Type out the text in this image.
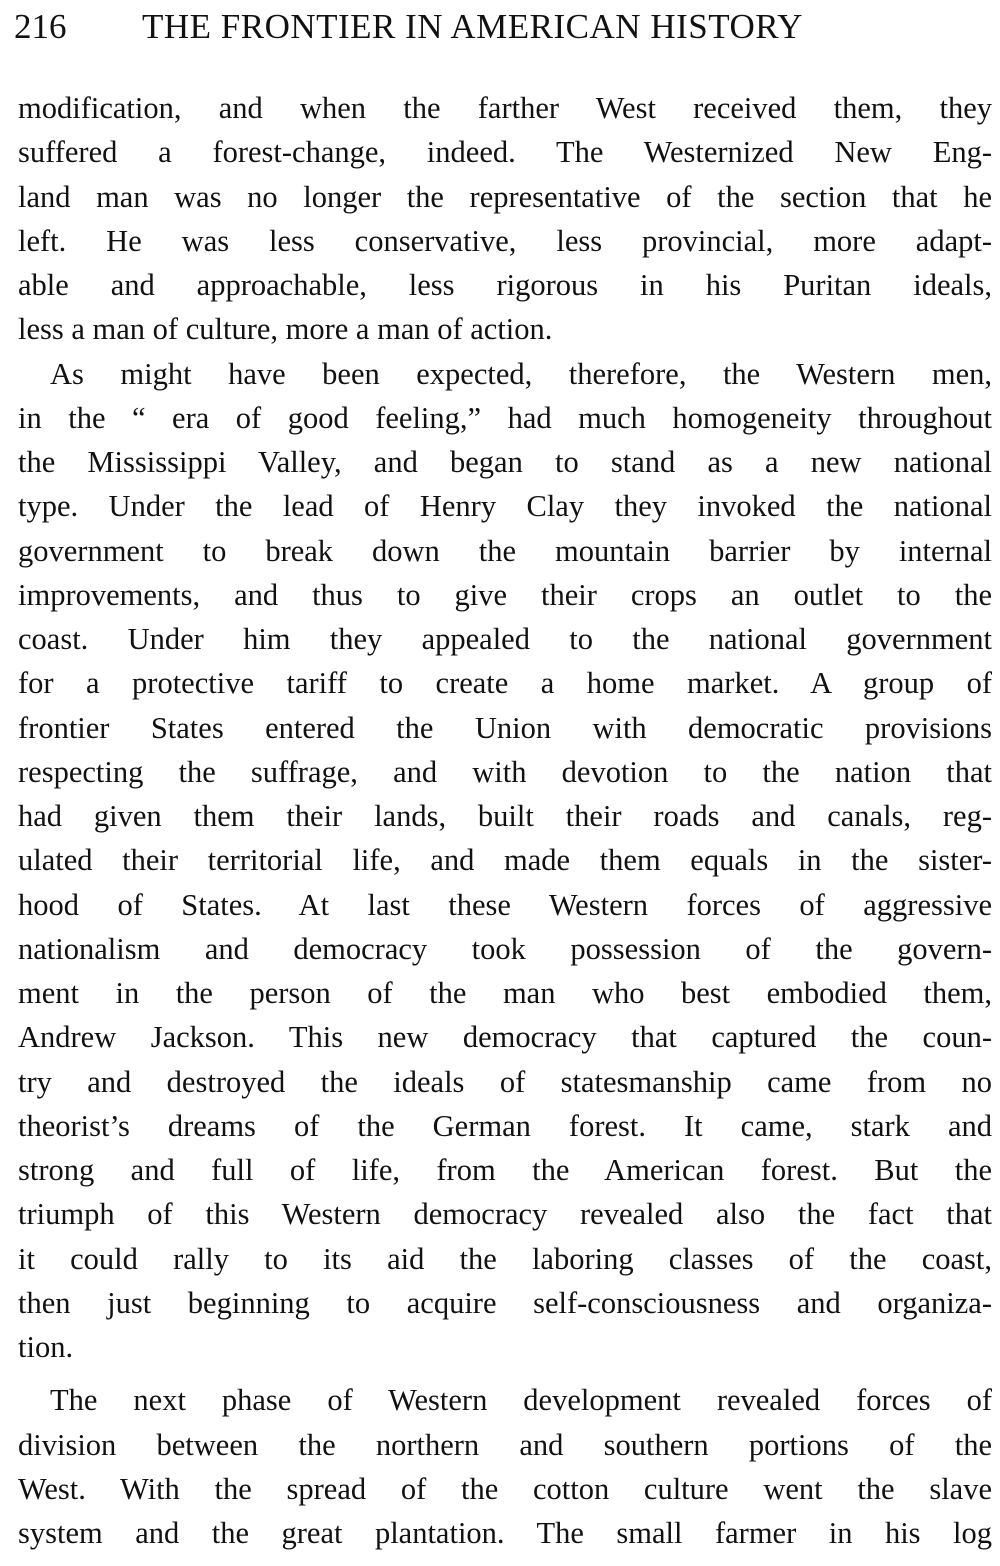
216 THE FRONTIER IN AMERICAN HISTORY
modification, and when the farther West received them, they
suffered a forest-change, indeed. The Westernized New Eng-
land man was no longer the representative of the section that he
left. He was less conservative, less provincial, more adapt-
able and approachable, less rigorous in his Puritan ideals,
less a man of culture, more a man of action.
As might have been expected, therefore, the Western men,
in the “ era of good feeling,” had much homogeneity throughout
the Mississippi Valley, and began to stand as a new national
type. Under the lead of Henry Clay they invoked the national
government to break down the mountain barrier by internal
improvements, and thus to give their crops an outlet to the
coast. Under him they appealed to the national government
for a protective tariff to create a home market. A group of
frontier States entered the Union with democratic provisions
respecting the suffrage, and with devotion to the nation that
had given them their lands, built their roads and canals, reg-
ulated their territorial life, and made them equals in the sister-
hood of States. At last these Western forces of aggressive
nationalism and democracy took possession of the govern-
ment in the person of the man who best embodied them,
Andrew Jackson. This new democracy that captured the coun-
try and destroyed the ideals of statesmanship came from no
theorist’s dreams of the German forest. It came, stark and
strong and full of life, from the American forest. But the
triumph of this Western democracy revealed also the fact that
it could rally to its aid the laboring classes of the coast,
then just beginning to acquire self-consciousness and organiza-
tion.
The next phase of Western development revealed forces of
division between the northern and southern portions of the
West. With the spread of the cotton culture went the slave
system and the great plantation. The small farmer in his log
